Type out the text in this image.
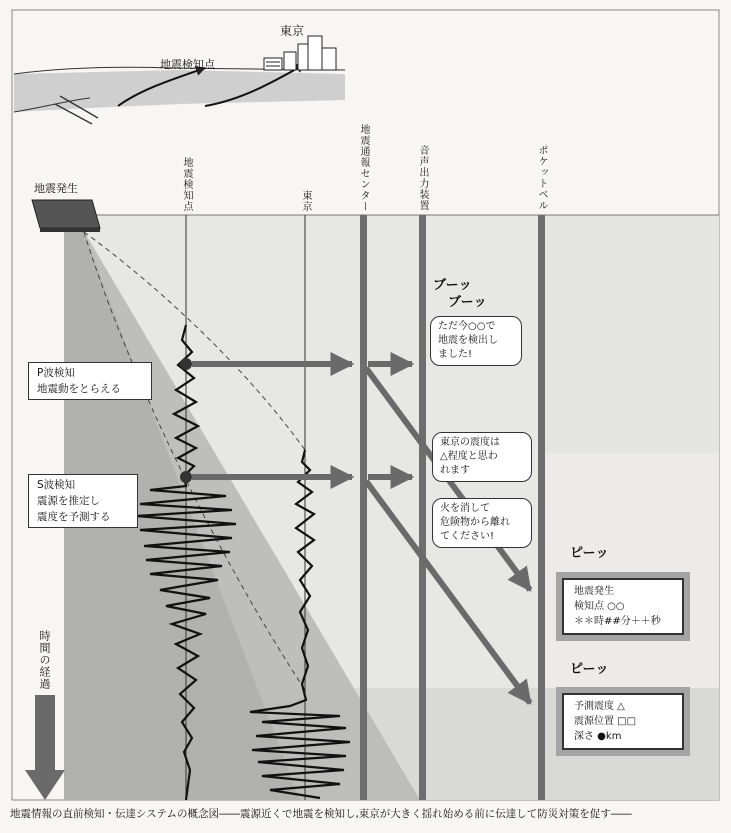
地震検知点
東京
地震発生	地震検知点	東京	地震通報センター	音声出力装置	ポケットベル
時間の経過
P波検知
地震動をとらえる
S波検知
震源を推定し
震度を予測する
ブーッ
ブーッ
ピーッ
ピーッ
ただ今○○で
地震を検出し
ました!
東京の震度は
△程度と思わ
れます
火を消して
危険物から離れ
てください!
地震発生
検知点 ○○
＊＊時##分＋＋秒
予測震度 △
震源位置 □□
深さ ●km
地震情報の直前検知・伝達システムの概念図――震源近くで地震を検知し,東京が大きく揺れ始める前に伝達して防災対策を促す――
